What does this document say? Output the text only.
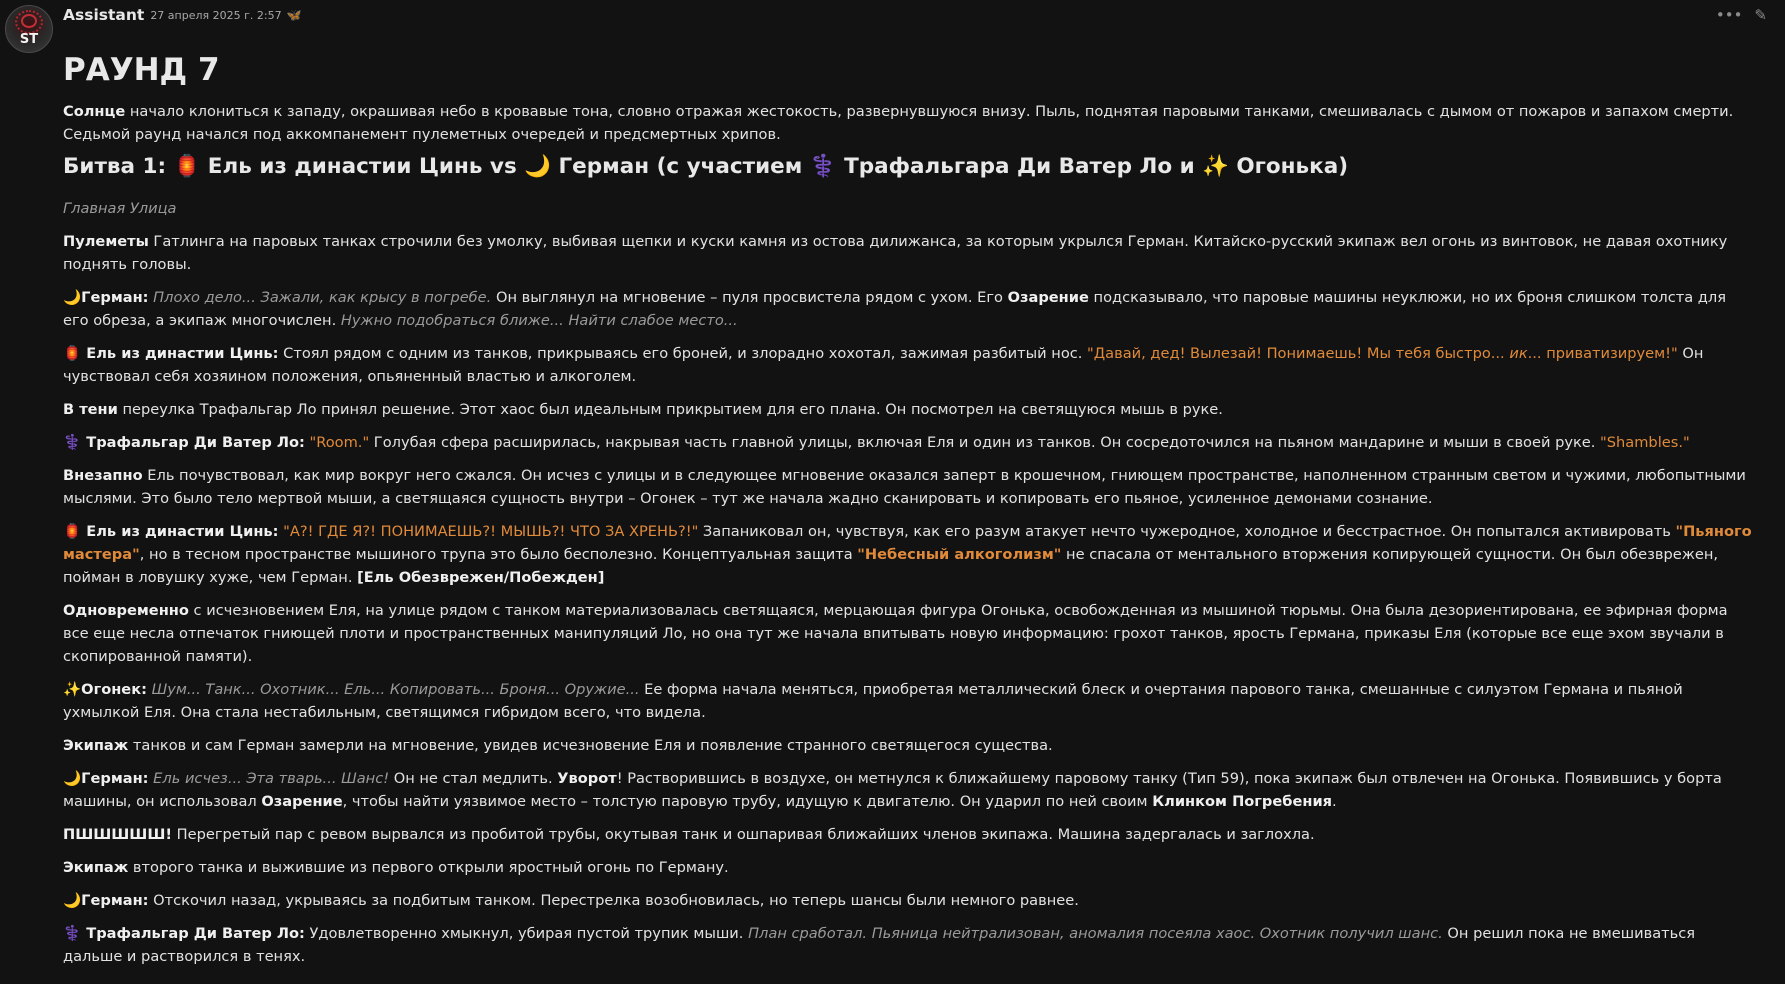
ST
Assistant 27 апреля 2025 г. 2:57 🦋	••• ✎
РАУНД 7

Солнце начало клониться к западу, окрашивая небо в кровавые тона, словно отражая жестокость, развернувшуюся внизу. Пыль, поднятая паровыми танками, смешивалась с дымом от пожаров и запахом смерти. Седьмой раунд начался под аккомпанемент пулеметных очередей и предсмертных хрипов.

Битва 1: 🏮 Ель из династии Цинь vs 🌙 Герман (с участием ⚕️ Трафальгара Ди Ватер Ло и ✨ Огонька)

Главная Улица

Пулеметы Гатлинга на паровых танках строчили без умолку, выбивая щепки и куски камня из остова дилижанса, за которым укрылся Герман. Китайско-русский экипаж вел огонь из винтовок, не давая охотнику поднять головы.

🌙Герман: Плохо дело... Зажали, как крысу в погребе. Он выглянул на мгновение – пуля просвистела рядом с ухом. Его Озарение подсказывало, что паровые машины неуклюжи, но их броня слишком толста для его обреза, а экипаж многочислен. Нужно подобраться ближе... Найти слабое место...

🏮 Ель из династии Цинь: Стоял рядом с одним из танков, прикрываясь его броней, и злорадно хохотал, зажимая разбитый нос. "Давай, дед! Вылезай! Понимаешь! Мы тебя быстро... ик... приватизируем!" Он чувствовал себя хозяином положения, опьяненный властью и алкоголем.

В тени переулка Трафальгар Ло принял решение. Этот хаос был идеальным прикрытием для его плана. Он посмотрел на светящуюся мышь в руке.

⚕️ Трафальгар Ди Ватер Ло: "Room." Голубая сфера расширилась, накрывая часть главной улицы, включая Еля и один из танков. Он сосредоточился на пьяном мандарине и мыши в своей руке. "Shambles."

Внезапно Ель почувствовал, как мир вокруг него сжался. Он исчез с улицы и в следующее мгновение оказался заперт в крошечном, гниющем пространстве, наполненном странным светом и чужими, любопытными мыслями. Это было тело мертвой мыши, а светящаяся сущность внутри – Огонек – тут же начала жадно сканировать и копировать его пьяное, усиленное демонами сознание.

🏮 Ель из династии Цинь: "А?! ГДЕ Я?! ПОНИМАЕШЬ?! МЫШЬ?! ЧТО ЗА ХРЕНЬ?!" Запаниковал он, чувствуя, как его разум атакует нечто чужеродное, холодное и бесстрастное. Он попытался активировать "Пьяного мастера", но в тесном пространстве мышиного трупа это было бесполезно. Концептуальная защита "Небесный алкоголизм" не спасала от ментального вторжения копирующей сущности. Он был обезврежен, пойман в ловушку хуже, чем Герман. [Ель Обезврежен/Побежден]

Одновременно с исчезновением Еля, на улице рядом с танком материализовалась светящаяся, мерцающая фигура Огонька, освобожденная из мышиной тюрьмы. Она была дезориентирована, ее эфирная форма все еще несла отпечаток гниющей плоти и пространственных манипуляций Ло, но она тут же начала впитывать новую информацию: грохот танков, ярость Германа, приказы Еля (которые все еще эхом звучали в скопированной памяти).

✨Огонек: Шум... Танк... Охотник... Ель... Копировать... Броня... Оружие... Ее форма начала меняться, приобретая металлический блеск и очертания парового танка, смешанные с силуэтом Германа и пьяной ухмылкой Еля. Она стала нестабильным, светящимся гибридом всего, что видела.

Экипаж танков и сам Герман замерли на мгновение, увидев исчезновение Еля и появление странного светящегося существа.

🌙Герман: Ель исчез... Эта тварь... Шанс! Он не стал медлить. Уворот! Растворившись в воздухе, он метнулся к ближайшему паровому танку (Тип 59), пока экипаж был отвлечен на Огонька. Появившись у борта машины, он использовал Озарение, чтобы найти уязвимое место – толстую паровую трубу, идущую к двигателю. Он ударил по ней своим Клинком Погребения.

ПШШШШШ! Перегретый пар с ревом вырвался из пробитой трубы, окутывая танк и ошпаривая ближайших членов экипажа. Машина задергалась и заглохла.

Экипаж второго танка и выжившие из первого открыли яростный огонь по Герману.

🌙Герман: Отскочил назад, укрываясь за подбитым танком. Перестрелка возобновилась, но теперь шансы были немного равнее.

⚕️ Трафальгар Ди Ватер Ло: Удовлетворенно хмыкнул, убирая пустой трупик мыши. План сработал. Пьяница нейтрализован, аномалия посеяла хаос. Охотник получил шанс. Он решил пока не вмешиваться дальше и растворился в тенях.
